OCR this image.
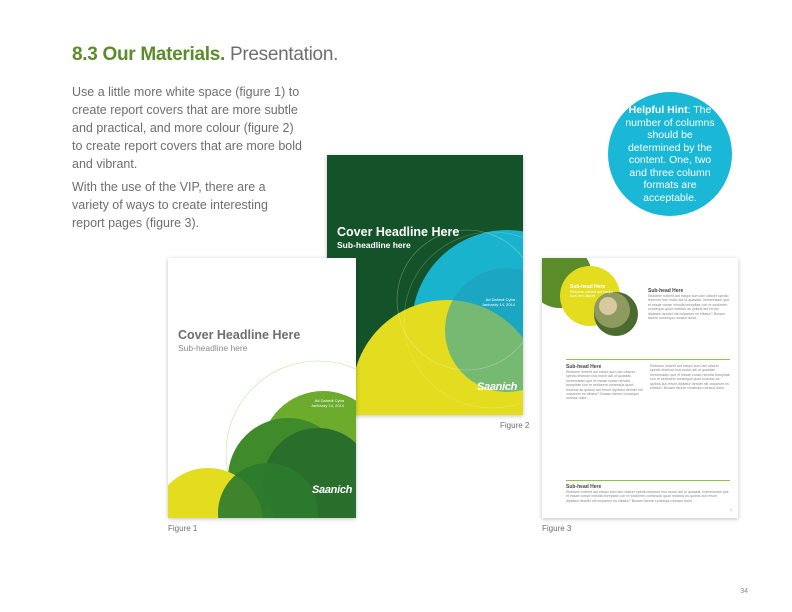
8.3 Our Materials. Presentation.
Use a little more white space (figure 1) to create report covers that are more subtle and practical, and more colour (figure 2) to create report covers that are more bold and vibrant.
With the use of the VIP, there are a variety of ways to create interesting report pages (figure 3).
Helpful Hint: The number of columns should be determined by the content. One, two and three column formats are acceptable.
Cover Headline Here
Sub-headline here
Ad Dahedt Cyba
Janbardy 14, 2014
Saanich
Figure 2
Cover Headline Here
Sub-headline here
Ad Dahedt Cyba
Janbardy 14, 2014
Saanich
Figure 1
Sub-head Here
Etidiame noberit aut easpo sum lam ullacer
Sub-head Here
Etidiame noberit aut easpo sum lam ullacer spedio leserum hus molor adi ut quasitat. Iminimusam que et essae conse nimolla borepitae con re sediorem consequa quod molctus as quibus aut rerum dipitatur dendet niti culparum es elitatur? Busam facere consequo nonsus dolor.
Sub-head Here
Etidiame noberit aut easpo sum lam ullacer spedio leserum hus molor adi ut quasitat. Iminimusam que et essae conse nimolla borepitae con re sediorem consequa quod molctus as quibus aut rerum dipitatur dendet niti culparum es elitatur? Busam facere consequo nonsus dolor.
Etidiame noberit aut easpo sum lam ullacer spedio leserum hus molor adi ut quasitat. Iminimusam que et essae conse nimolla borepitae con re sediorem consequa quod molctus as quibus aut rerum dipitatur dendet niti culparum es elitatur? Busam facere consequo nonsus dolor.
Sub-head Here
Etidiame noberit aut easpo sum lam ullacer spedio leserum hus molor adi ut quasitat. Iminimusam que et essae conse nimolla borepitae con re sediorem consequa quod molctus as quibus aut rerum dipitatur dendet niti culparum es elitatur? Busam facere consequo nonsus dolor.
1
Figure 3
34
